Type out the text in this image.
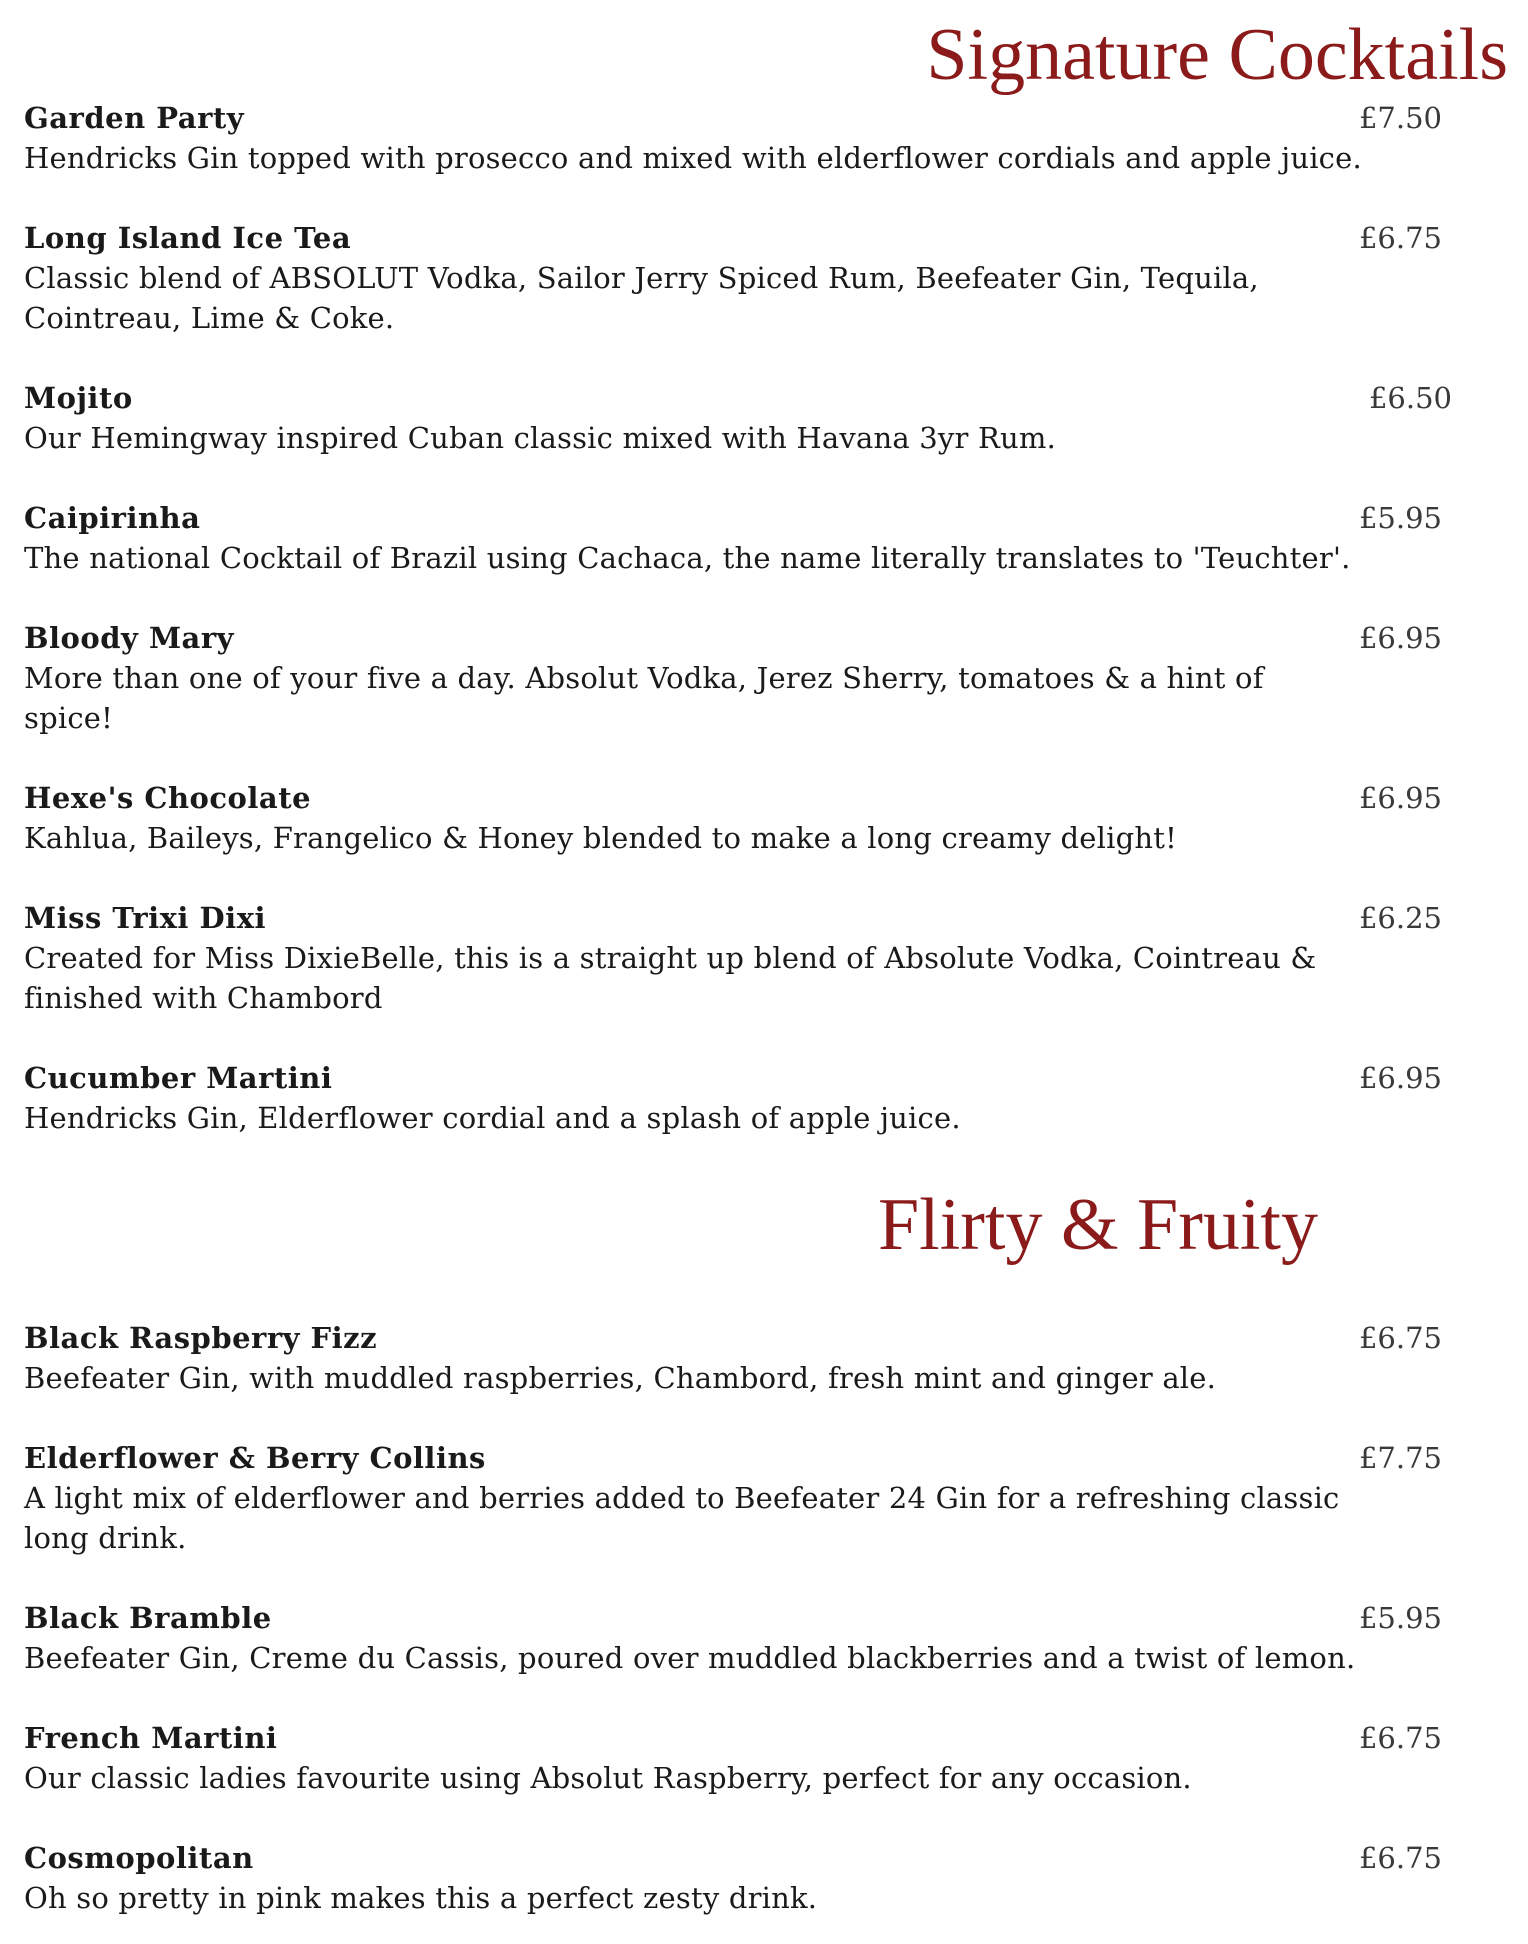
Signature Cocktails
Garden Party	£7.50
Hendricks Gin topped with prosecco and mixed with elderflower cordials and apple juice.
Long Island Ice Tea	£6.75
Classic blend of ABSOLUT Vodka, Sailor Jerry Spiced Rum, Beefeater Gin, Tequila,
Cointreau, Lime & Coke.
Mojito	£6.50
Our Hemingway inspired Cuban classic mixed with Havana 3yr Rum.
Caipirinha	£5.95
The national Cocktail of Brazil using Cachaca, the name literally translates to 'Teuchter'.
Bloody Mary	£6.95
More than one of your five a day. Absolut Vodka, Jerez Sherry, tomatoes & a hint of
spice!
Hexe's Chocolate	£6.95
Kahlua, Baileys, Frangelico & Honey blended to make a long creamy delight!
Miss Trixi Dixi	£6.25
Created for Miss DixieBelle, this is a straight up blend of Absolute Vodka, Cointreau &
finished with Chambord
Cucumber Martini	£6.95
Hendricks Gin, Elderflower cordial and a splash of apple juice.
Flirty & Fruity
Black Raspberry Fizz	£6.75
Beefeater Gin, with muddled raspberries, Chambord, fresh mint and ginger ale.
Elderflower & Berry Collins	£7.75
A light mix of elderflower and berries added to Beefeater 24 Gin for a refreshing classic
long drink.
Black Bramble	£5.95
Beefeater Gin, Creme du Cassis, poured over muddled blackberries and a twist of lemon.
French Martini	£6.75
Our classic ladies favourite using Absolut Raspberry, perfect for any occasion.
Cosmopolitan	£6.75
Oh so pretty in pink makes this a perfect zesty drink.
